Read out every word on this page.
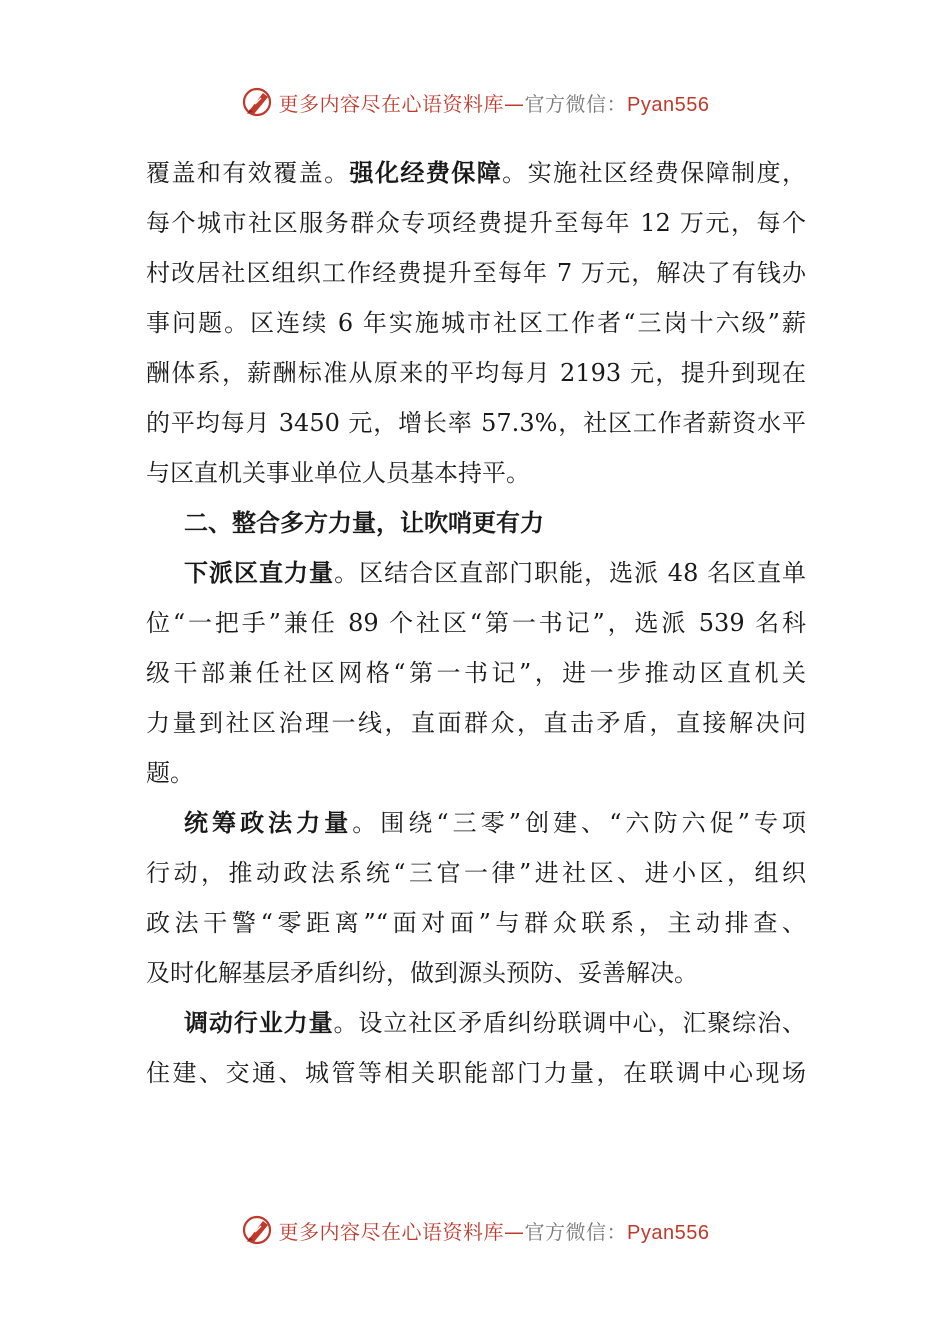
更多内容尽在心语资料库—官方微信：Pyan556
覆盖和有效覆盖。强化经费保障。实施社区经费保障制度，
每个城市社区服务群众专项经费提升至每年 12 万元，每个
村改居社区组织工作经费提升至每年 7 万元，解决了有钱办
事问题。区连续 6 年实施城市社区工作者“三岗十六级”薪
酬体系，薪酬标准从原来的平均每月 2193 元，提升到现在
的平均每月 3450 元，增长率 57.3%，社区工作者薪资水平
与区直机关事业单位人员基本持平。
二、整合多方力量，让吹哨更有力
下派区直力量。区结合区直部门职能，选派 48 名区直单
位“一把手”兼任 89 个社区“第一书记”，选派 539 名科
级干部兼任社区网格“第一书记”，进一步推动区直机关
力量到社区治理一线，直面群众，直击矛盾，直接解决问
题。
统筹政法力量。围绕“三零”创建、“六防六促”专项
行动，推动政法系统“三官一律”进社区、进小区，组织
政法干警“零距离”“面对面”与群众联系，主动排查、
及时化解基层矛盾纠纷，做到源头预防、妥善解决。
调动行业力量。设立社区矛盾纠纷联调中心，汇聚综治、
住建、交通、城管等相关职能部门力量，在联调中心现场
更多内容尽在心语资料库—官方微信：Pyan556
